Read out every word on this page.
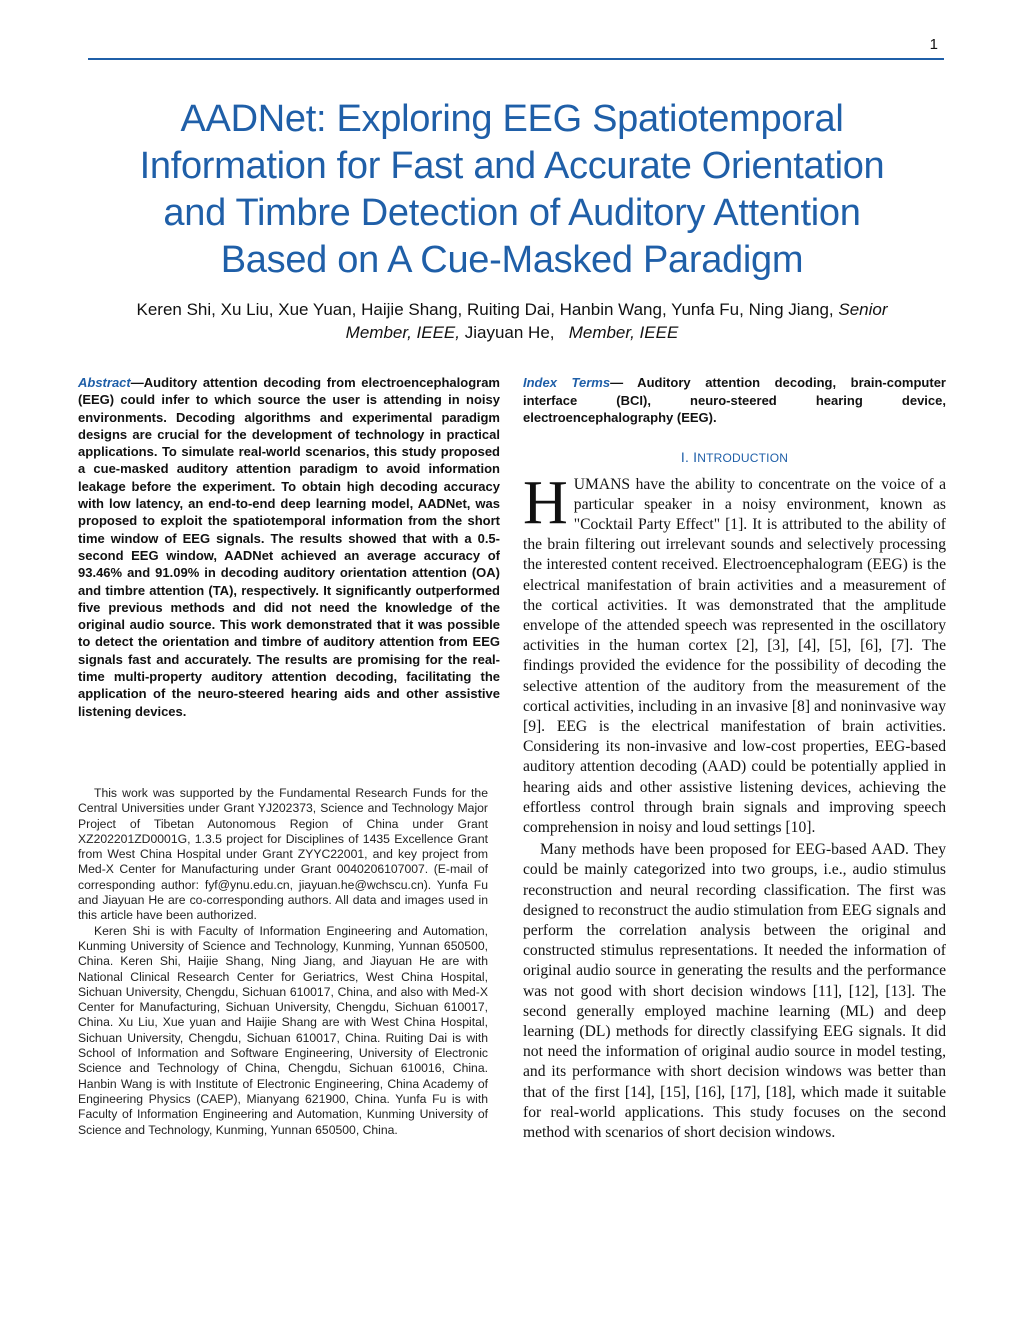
1
AADNet: Exploring EEG Spatiotemporal
Information for Fast and Accurate Orientation
and Timbre Detection of Auditory Attention
Based on A Cue-Masked Paradigm
Keren Shi, Xu Liu, Xue Yuan, Haijie Shang, Ruiting Dai, Hanbin Wang, Yunfa Fu, Ning Jiang, Senior
Member, IEEE, Jiayuan He,   Member, IEEE

Abstract—Auditory attention decoding from electroencephalogram (EEG) could infer to which source the user is attending in noisy environments. Decoding algorithms and experimental paradigm designs are crucial for the development of technology in practical applications. To simulate real-world scenarios, this study proposed a cue-masked auditory attention paradigm to avoid information leakage before the experiment. To obtain high decoding accuracy with low latency, an end-to-end deep learning model, AADNet, was proposed to exploit the spatiotemporal information from the short time window of EEG signals. The results showed that with a 0.5-second EEG window, AADNet achieved an average accuracy of 93.46% and 91.09% in decoding auditory orientation attention (OA) and timbre attention (TA), respectively. It significantly outperformed five previous methods and did not need the knowledge of the original audio source. This work demonstrated that it was possible to detect the orientation and timbre of auditory attention from EEG signals fast and accurately. The results are promising for the real-time multi-property auditory attention decoding, facilitating the application of the neuro-steered hearing aids and other assistive listening devices.

This work was supported by the Fundamental Research Funds for the Central Universities under Grant YJ202373, Science and Technology Major Project of Tibetan Autonomous Region of China under Grant XZ202201ZD0001G, 1.3.5 project for Disciplines of 1435 Excellence Grant from West China Hospital under Grant ZYYC22001, and key project from Med-X Center for Manufacturing under Grant 0040206107007. (E-mail of corresponding author: fyf@ynu.edu.cn, jiayuan.he@wchscu.cn). Yunfa Fu and Jiayuan He are co-corresponding authors. All data and images used in this article have been authorized.

Keren Shi is with Faculty of Information Engineering and Automation, Kunming University of Science and Technology, Kunming, Yunnan 650500, China. Keren Shi, Haijie Shang, Ning Jiang, and Jiayuan He are with National Clinical Research Center for Geriatrics, West China Hospital, Sichuan University, Chengdu, Sichuan 610017, China, and also with Med-X Center for Manufacturing, Sichuan University, Chengdu, Sichuan 610017, China. Xu Liu, Xue yuan and Haijie Shang are with West China Hospital, Sichuan University, Chengdu, Sichuan 610017, China. Ruiting Dai is with School of Information and Software Engineering, University of Electronic Science and Technology of China, Chengdu, Sichuan 610016, China. Hanbin Wang is with Institute of Electronic Engineering, China Academy of Engineering Physics (CAEP), Mianyang 621900, China. Yunfa Fu is with Faculty of Information Engineering and Automation, Kunming University of Science and Technology, Kunming, Yunnan 650500, China.

Index Terms— Auditory attention decoding, brain-computer interface (BCI), neuro-steered hearing device, electroencephalography (EEG).

I. INTRODUCTION

HUMANS have the ability to concentrate on the voice of a particular speaker in a noisy environment, known as "Cocktail Party Effect" [1]. It is attributed to the ability of the brain filtering out irrelevant sounds and selectively processing the interested content received. Electroencephalogram (EEG) is the electrical manifestation of brain activities and a measurement of the cortical activities. It was demonstrated that the amplitude envelope of the attended speech was represented in the oscillatory activities in the human cortex [2], [3], [4], [5], [6], [7]. The findings provided the evidence for the possibility of decoding the selective attention of the auditory from the measurement of the cortical activities, including in an invasive [8] and noninvasive way [9]. EEG is the electrical manifestation of brain activities. Considering its non-invasive and low-cost properties, EEG-based auditory attention decoding (AAD) could be potentially applied in hearing aids and other assistive listening devices, achieving the effortless control through brain signals and improving speech comprehension in noisy and loud settings [10].

Many methods have been proposed for EEG-based AAD. They could be mainly categorized into two groups, i.e., audio stimulus reconstruction and neural recording classification. The first was designed to reconstruct the audio stimulation from EEG signals and perform the correlation analysis between the original and constructed stimulus representations. It needed the information of original audio source in generating the results and the performance was not good with short decision windows [11], [12], [13]. The second generally employed machine learning (ML) and deep learning (DL) methods for directly classifying EEG signals. It did not need the information of original audio source in model testing, and its performance with short decision windows was better than that of the first [14], [15], [16], [17], [18], which made it suitable for real-world applications. This study focuses on the second method with scenarios of short decision windows.
